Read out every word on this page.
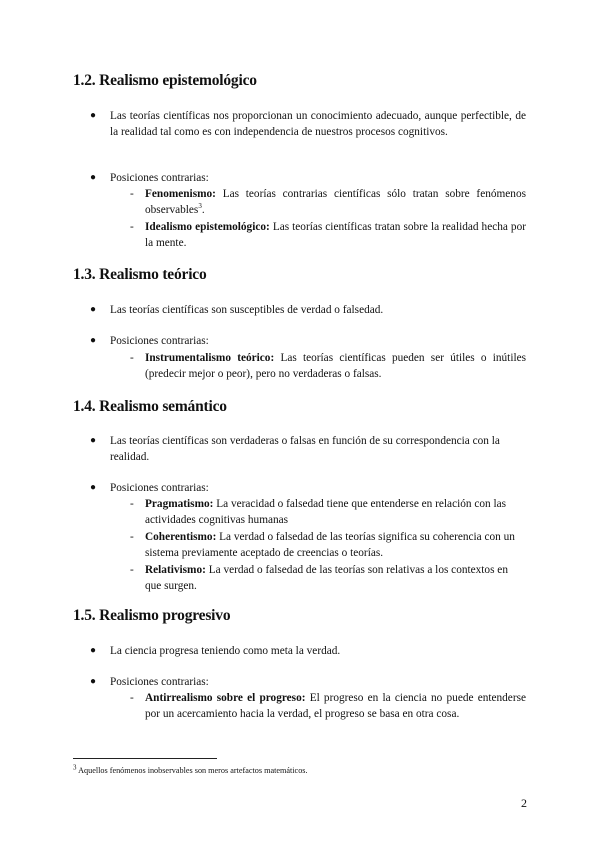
1.2. Realismo epistemológico
●	Las teorías científicas nos proporcionan un conocimiento adecuado, aunque perfectible, de la realidad tal como es con independencia de nuestros procesos cognitivos.

●	Posiciones contrarias:

- Fenomenismo: Las teorías contrarias científicas sólo tratan sobre fenómenos observables$^3$.

- Idealismo epistemológico: Las teorías científicas tratan sobre la realidad hecha por la mente.

1.3. Realismo teórico
●	Las teorías científicas son susceptibles de verdad o falsedad.

●	Posiciones contrarias:

- Instrumentalismo teórico: Las teorías científicas pueden ser útiles o inútiles (predecir mejor o peor), pero no verdaderas o falsas.

1.4. Realismo semántico
●	Las teorías científicas son verdaderas o falsas en función de su correspondencia con la realidad.

●	Posiciones contrarias:

- Pragmatismo: La veracidad o falsedad tiene que entenderse en relación con las actividades cognitivas humanas

- Coherentismo: La verdad o falsedad de las teorías significa su coherencia con un sistema previamente aceptado de creencias o teorías.

- Relativismo: La verdad o falsedad de las teorías son relativas a los contextos en que surgen.

1.5. Realismo progresivo
●	La ciencia progresa teniendo como meta la verdad.

●	Posiciones contrarias:

- Antirrealismo sobre el progreso: El progreso en la ciencia no puede entenderse por un acercamiento hacia la verdad, el progreso se basa en otra cosa.

$^3$ Aquellos fenómenos inobservables son meros artefactos matemáticos.

2
